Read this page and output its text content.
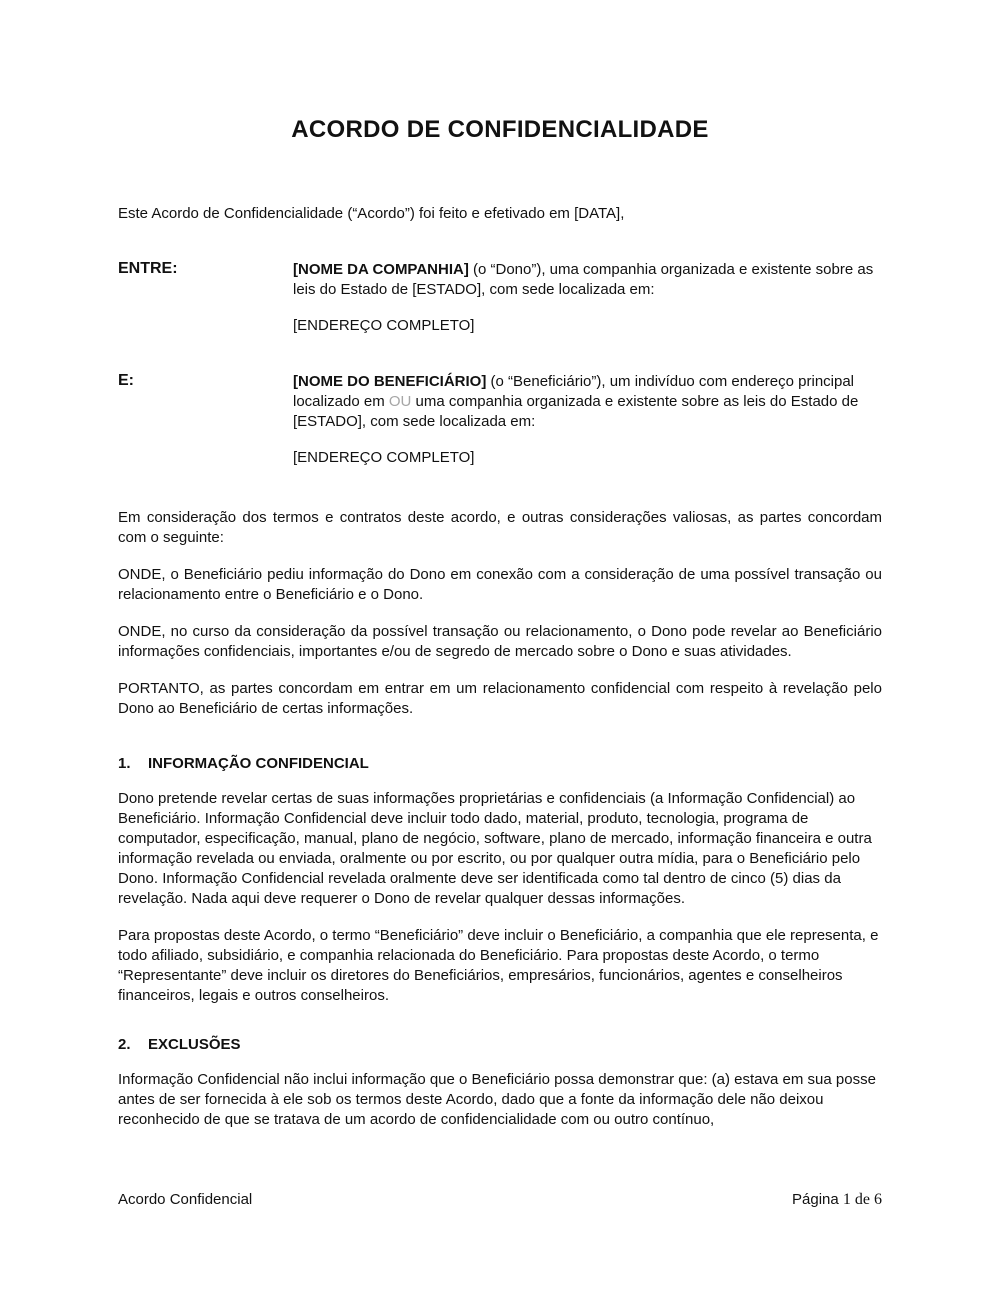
ACORDO DE CONFIDENCIALIDADE

Este Acordo de Confidencialidade (“Acordo”) foi feito e efetivado em [DATA],

ENTRE:	[NOME DA COMPANHIA] (o “Dono”), uma companhia organizada e existente sobre as leis do Estado de [ESTADO], com sede localizada em:

[ENDEREÇO COMPLETO]

E:	[NOME DO BENEFICIÁRIO] (o “Beneficiário”), um indivíduo com endereço principal localizado em OU uma companhia organizada e existente sobre as leis do Estado de [ESTADO], com sede localizada em:

[ENDEREÇO COMPLETO]

Em consideração dos termos e contratos deste acordo, e outras considerações valiosas, as partes concordam com o seguinte:

ONDE, o Beneficiário pediu informação do Dono em conexão com a consideração de uma possível transação ou relacionamento entre o Beneficiário e o Dono.

ONDE, no curso da consideração da possível transação ou relacionamento, o Dono pode revelar ao Beneficiário informações confidenciais, importantes e/ou de segredo de mercado sobre o Dono e suas atividades.

PORTANTO, as partes concordam em entrar em um relacionamento confidencial com respeito à revelação pelo Dono ao Beneficiário de certas informações.

1.	INFORMAÇÃO CONFIDENCIAL

Dono pretende revelar certas de suas informações proprietárias e confidenciais (a Informação Confidencial) ao Beneficiário. Informação Confidencial deve incluir todo dado, material, produto, tecnologia, programa de computador, especificação, manual, plano de negócio, software, plano de mercado, informação financeira e outra informação revelada ou enviada, oralmente ou por escrito, ou por qualquer outra mídia, para o Beneficiário pelo Dono. Informação Confidencial revelada oralmente deve ser identificada como tal dentro de cinco (5) dias da revelação. Nada aqui deve requerer o Dono de revelar qualquer dessas informações.

Para propostas deste Acordo, o termo “Beneficiário” deve incluir o Beneficiário, a companhia que ele representa, e todo afiliado, subsidiário, e companhia relacionada do Beneficiário. Para propostas deste Acordo, o termo “Representante” deve incluir os diretores do Beneficiários, empresários, funcionários, agentes e conselheiros financeiros, legais e outros conselheiros.

2.	EXCLUSÕES

Informação Confidencial não inclui informação que o Beneficiário possa demonstrar que: (a) estava em sua posse antes de ser fornecida à ele sob os termos deste Acordo, dado que a fonte da informação dele não deixou reconhecido de que se tratava de um acordo de confidencialidade com ou outro contínuo,

Acordo Confidencial	Página 1 de 6
